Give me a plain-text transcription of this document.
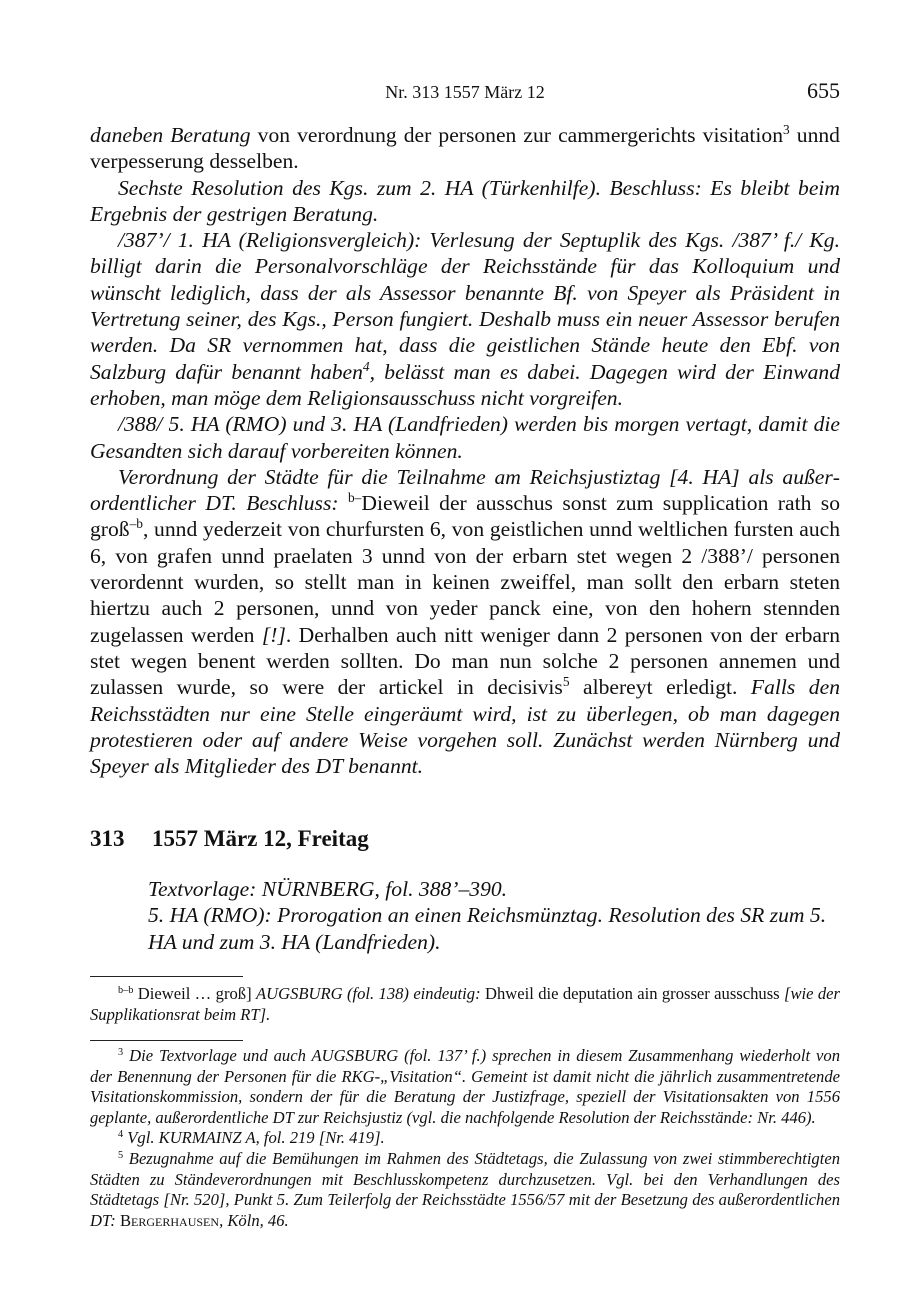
Nr. 313 1557 März 12	655

daneben Beratung von verordnung der personen zur cammergerichts visitation$^3$ unnd verpesserung desselben.

Sechste Resolution des Kgs. zum 2. HA (Türkenhilfe). Beschluss: Es bleibt beim Ergebnis der gestrigen Beratung.

/387’/ 1. HA (Religionsvergleich): Verlesung der Septuplik des Kgs. /387’ f./ Kg. billigt darin die Personalvorschläge der Reichsstände für das Kolloquium und wünscht lediglich, dass der als Assessor benannte Bf. von Speyer als Präsident in Vertretung seiner, des Kgs., Person fungiert. Deshalb muss ein neuer Assessor berufen werden. Da SR vernommen hat, dass die geistlichen Stände heute den Ebf. von Salzburg dafür benannt haben$^4$, belässt man es dabei. Dagegen wird der Einwand erhoben, man möge dem Religionsausschuss nicht vorgreifen.

/388/ 5. HA (RMO) und 3. HA (Landfrieden) werden bis morgen vertagt, damit die Gesandten sich darauf vorbereiten können.

Verordnung der Städte für die Teilnahme am Reichsjustiztag [4. HA] als außerordentlicher DT. Beschluss: $^{b-}$Dieweil der ausschus sonst zum supplication rath so groß$^{-b}$, unnd yederzeit von churfursten 6, von geistlichen unnd weltlichen fursten auch 6, von grafen unnd praelaten 3 unnd von der erbarn stet wegen 2 /388’/ personen verordennt wurden, so stellt man in keinen zweiffel, man sollt den erbarn steten hiertzu auch 2 personen, unnd von yeder panck eine, von den hohern stennden zugelassen werden [!]. Derhalben auch nitt weniger dann 2 personen von der erbarn stet wegen benent werden sollten. Do man nun solche 2 personen annemen und zulassen wurde, so were der artickel in decisivis$^5$ albereyt erledigt. Falls den Reichsstädten nur eine Stelle eingeräumt wird, ist zu überlegen, ob man dagegen protestieren oder auf andere Weise vorgehen soll. Zunächst werden Nürnberg und Speyer als Mitglieder des DT benannt.

313 1557 März 12, Freitag

Textvorlage: NÜRNBERG, fol. 388’–390.

5. HA (RMO): Prorogation an einen Reichsmünztag. Resolution des SR zum 5. HA und zum 3. HA (Landfrieden).

$^{b-b}$ Dieweil … groß] AUGSBURG (fol. 138) eindeutig: Dhweil die deputation ain grosser ausschuss [wie der Supplikationsrat beim RT].

$^3$ Die Textvorlage und auch AUGSBURG (fol. 137’ f.) sprechen in diesem Zusammenhang wiederholt von der Benennung der Personen für die RKG-„Visitation“. Gemeint ist damit nicht die jährlich zusammentretende Visitationskommission, sondern der für die Beratung der Justizfrage, speziell der Visitationsakten von 1556 geplante, außerordentliche DT zur Reichsjustiz (vgl. die nachfolgende Resolution der Reichsstände: Nr. 446).

$^4$ Vgl. KURMAINZ A, fol. 219 [Nr. 419].

$^5$ Bezugnahme auf die Bemühungen im Rahmen des Städtetags, die Zulassung von zwei stimmberechtigten Städten zu Ständeverordnungen mit Beschlusskompetenz durchzusetzen. Vgl. bei den Verhandlungen des Städtetags [Nr. 520], Punkt 5. Zum Teilerfolg der Reichsstädte 1556/57 mit der Besetzung des außerordentlichen DT: Bergerhausen, Köln, 46.
